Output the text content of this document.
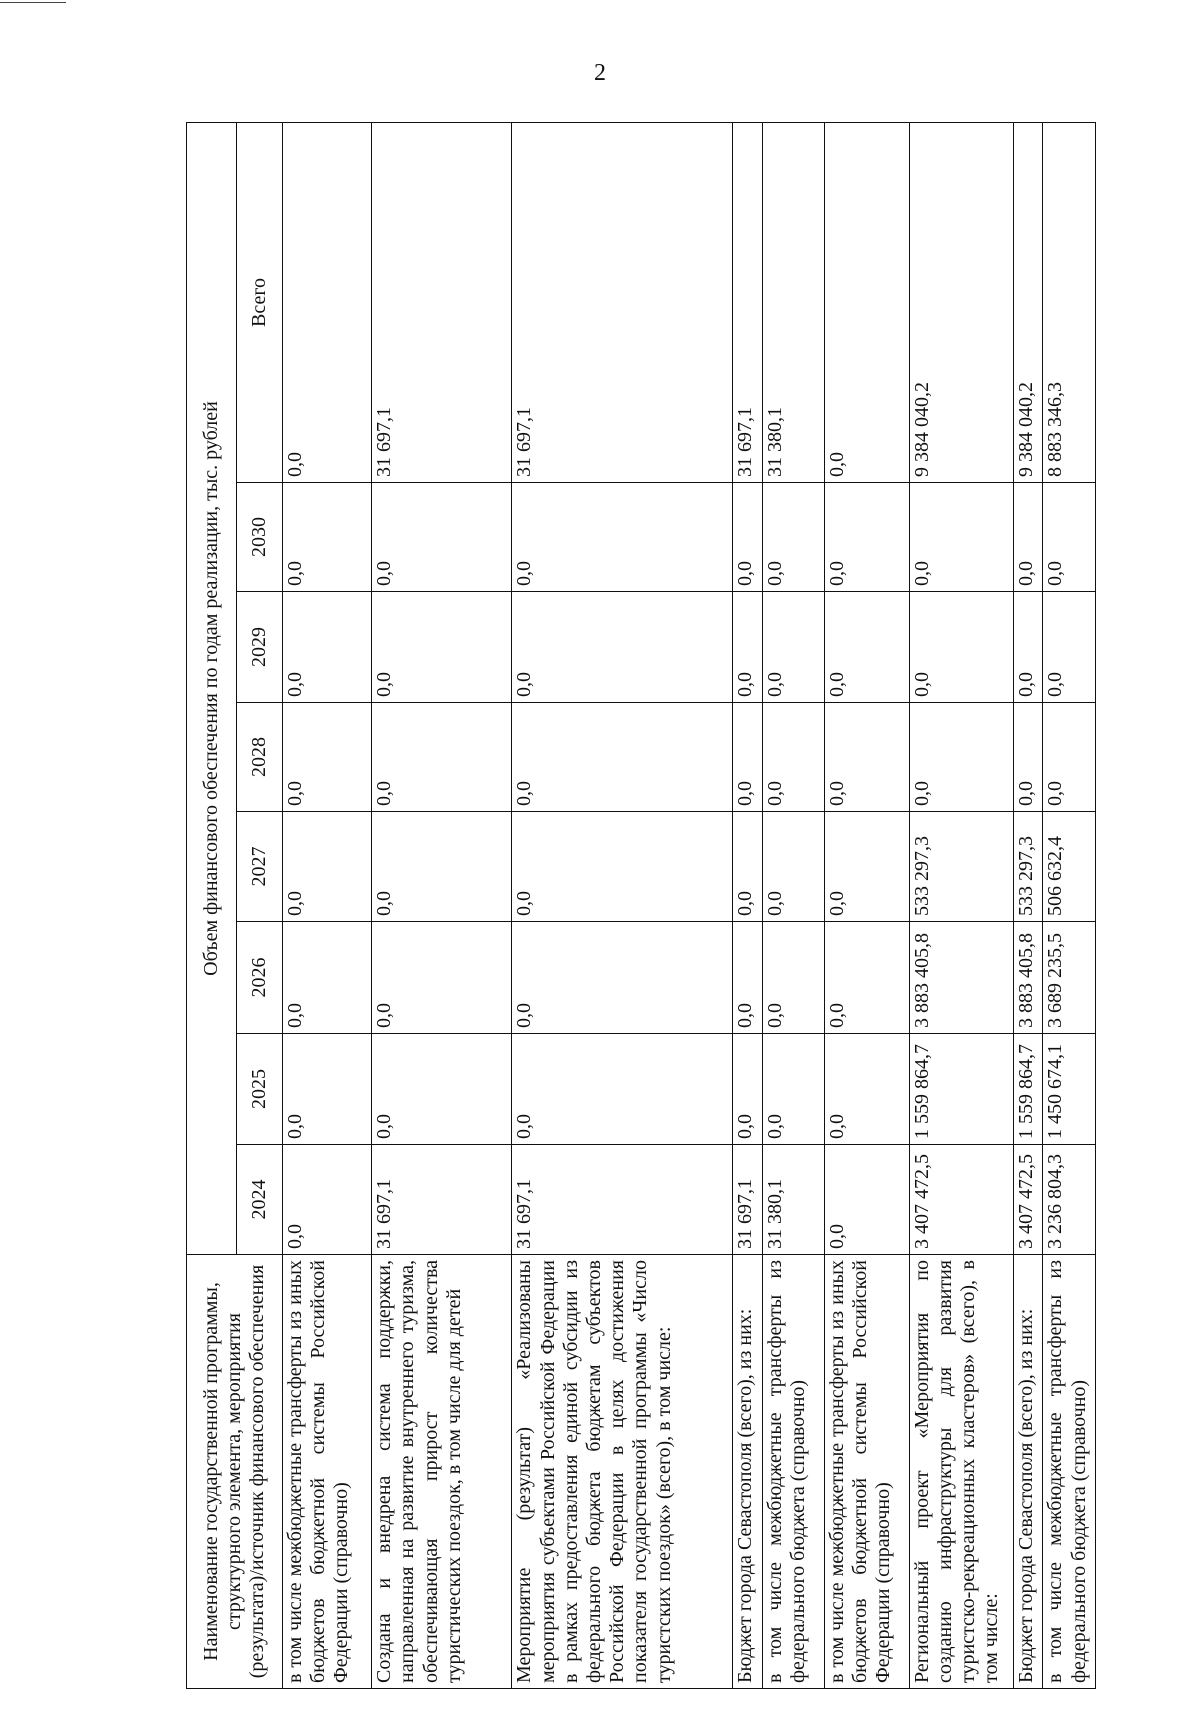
2
Наименование государственной программы, структурного элемента, мероприятия (результата)/источник финансового обеспечения	Объем финансового обеспечения по годам реализации, тыс. рублей							
	2024	2025	2026	2027	2028	2029	2030	Всего
в том числе межбюджетные трансферты из иных бюджетов бюджетной системы Российской Федерации (справочно)	0,0	0,0	0,0	0,0	0,0	0,0	0,0	0,0
Создана и внедрена система поддержки, направленная на развитие внутреннего туризма, обеспечивающая прирост количества туристических поездок, в том числе для детей	31 697,1	0,0	0,0	0,0	0,0	0,0	0,0	31 697,1
Мероприятие (результат) «Реализованы мероприятия субъектами Российской Федерации в рамках предоставления единой субсидии из федерального бюджета бюджетам субъектов Российской Федерации в целях достижения показателя государственной программы «Число туристских поездок» (всего), в том числе:	31 697,1	0,0	0,0	0,0	0,0	0,0	0,0	31 697,1
Бюджет города Севастополя (всего), из них:	31 697,1	0,0	0,0	0,0	0,0	0,0	0,0	31 697,1
в том числе межбюджетные трансферты из федерального бюджета (справочно)	31 380,1	0,0	0,0	0,0	0,0	0,0	0,0	31 380,1
в том числе межбюджетные трансферты из иных бюджетов бюджетной системы Российской Федерации (справочно)	0,0	0,0	0,0	0,0	0,0	0,0	0,0	0,0
Региональный проект «Мероприятия по созданию инфраструктуры для развития туристско-рекреационных кластеров» (всего), в том числе:	3 407 472,5	1 559 864,7	3 883 405,8	533 297,3	0,0	0,0	0,0	9 384 040,2
Бюджет города Севастополя (всего), из них:	3 407 472,5	1 559 864,7	3 883 405,8	533 297,3	0,0	0,0	0,0	9 384 040,2
в том числе межбюджетные трансферты из федерального бюджета (справочно)	3 236 804,3	1 450 674,1	3 689 235,5	506 632,4	0,0	0,0	0,0	8 883 346,3
